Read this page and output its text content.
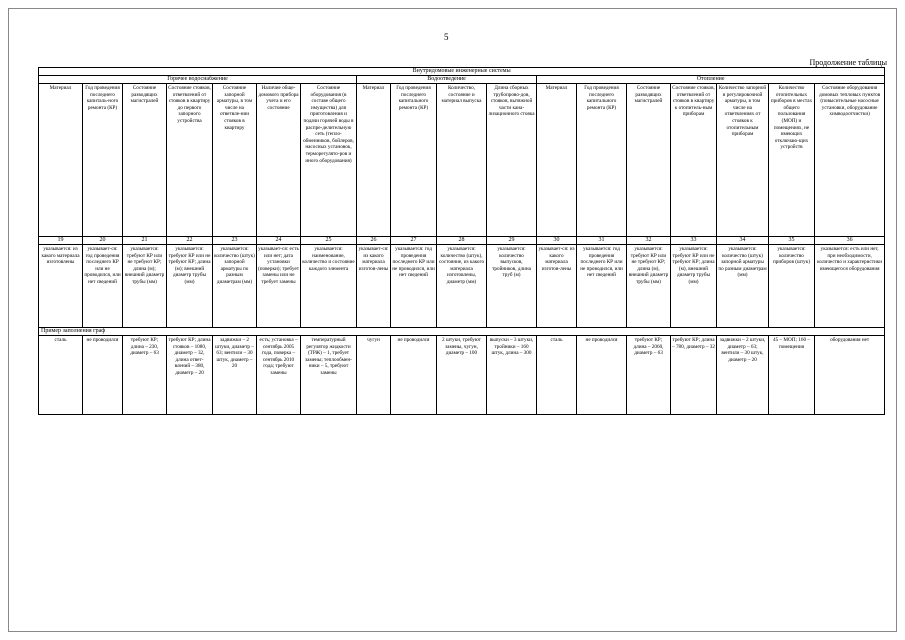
5
Продолжение таблицы
Внутридомовые инженерные системы																	
Горячее водоснабжение							Водоотведение				Отопление						
Материал	Год проведения последнего капиталь-ного ремонта (КР)	Состояние разводящих магистралей	Состояние стояков, ответвлений от стояков в квартиру до первого запорного устройства	Состояние запорной арматуры, в том числе на ответвле-нии стояков в квартиру	Наличие обще-домового прибора учета и его состояние	Состояние оборудования (в составе общего имущества) для приготовления и подачи горячей воды в распре-делительную сеть (тепло-обменников, бойлеров, насосных установок, терморегулято-ров и иного оборудования)	Материал	Год проведения последнего капитального ремонта (КР)	Количество, состояние и материал выпуска	Длина сборных трубопрово-дов, стояков, вытяжной части кана-лизационного стояка	Материал	Год проведения последнего капитального ремонта (КР)	Состояние разводящих магистралей	Состояние стояков, ответвлений от стояков в квартиру к отопитель-ным приборам	Количество запорной и регулировочной арматуры, в том числе на ответвлениях от стояков к отопительным приборам	Количество отопительных приборов в местах общего пользования (МОП) и помещениях, не имеющих отключаю-щих устройств	Состояние оборудования домовых тепловых пунктов (повысительные насосные установки, оборудование химводоотчистки)
19	20	21	22	23	24	25	26	27	28	29	30	31	32	33	34	35	36
указывается: из какого материала изготовлены	указывает-ся: год проведения последнего КР или не проводился, или нет сведений	указывается: требуют КР или не требуют КР; длина (м); внешний диаметр трубы (мм)	указывается: требуют КР или не требуют КР; длина (м); внешний диаметр трубы (мм)	указывается: количество (штук) запорной арматуры по разным диаметрам (мм)	указывает-ся: есть или нет; дата установки (поверки); требует замены или не требует замены	указывается: наименование, количество и состояние каждого элемента	указывает-ся: из какого материала изготов-лены	указывается: год проведения последнего КР или не проводился, или нет сведений	указывается: количество (штук), состояние, из какого материала изготовлены, диаметр (мм)	указывается: количество выпусков, тройников, длина труб (м)	указывает-ся: из какого материала изготов-лены	указывается: год проведения последнего КР или не проводился, или нет сведений	указывается: требуют КР или не требуют КР; длина (м), внешний диаметр трубы (мм)	указывается: требуют КР или не требуют КР; длина (м), внешний диаметр трубы (мм)	указывается: количество (штук) запорной арматуры по разным диаметрам (мм)	указывается: количество приборов (штук)	указывается: есть или нет, при необходимости, количество и характеристики имеющегося оборудования
Пример заполнения граф																	
сталь	не проводился	требуют КР; длина – 230, диаметр – 63	требуют КР; длина стояков – 1080, диаметр – 32, длина ответ-влений – 380, диаметр – 20	задвижки – 2 штуки, диаметр – 63; вентили – 30 штук, диаметр – 20	есть; установка – сентябрь 2005 года, поверка – сентябрь 2010 года; требуют замены	температурный регулятор жидкости (ТРЖ) – 1, требует замены; теплообмен-ники – 5, требуют замены	чугун	не проводился	2 штуки, требуют замены, чугун, диаметр – 100	выпуски – 3 штуки, тройники – 160 штук, длина – 300	сталь	не проводился	требуют КР; длина – 2060, диаметр – 63	требуют КР; длина – 780, диаметр – 32	задвижки – 2 штуки, диаметр – 63; вентили – 30 штук, диаметр – 20	45 – МОП; 160 – помещения	оборудования нет
